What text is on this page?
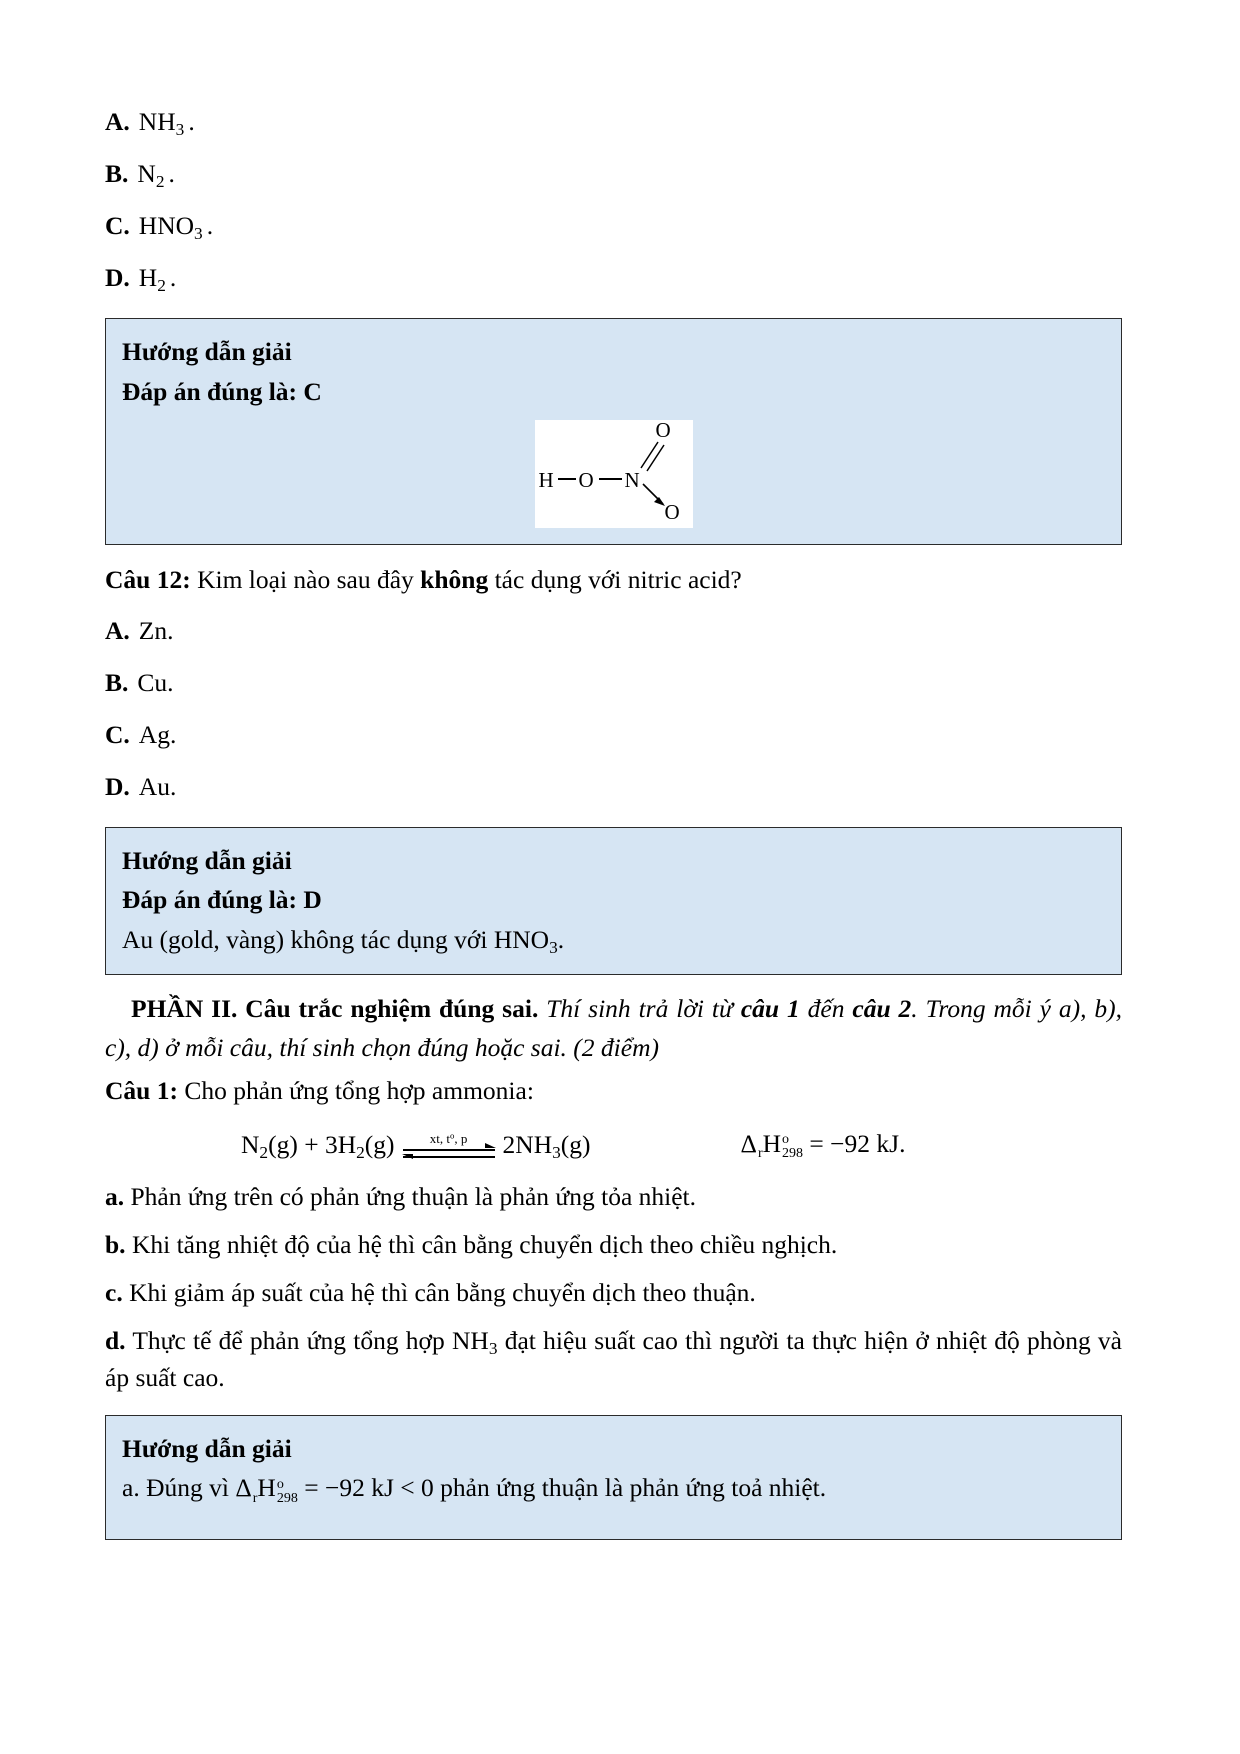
A. $NH_3$ .
B. $N_2$ .
C. $HNO_3$ .
D. $H_2$ .
Hướng dẫn giải
Đáp án đúng là: C
H O N
O
O
Câu 12: Kim loại nào sau đây không tác dụng với nitric acid?
A. Zn.
B. Cu.
C. Ag.
D. Au.
Hướng dẫn giải
Đáp án đúng là: D
Au (gold, vàng) không tác dụng với $HNO_3$.
PHẦN II. Câu trắc nghiệm đúng sai. Thí sinh trả lời từ câu 1 đến câu 2. Trong mỗi ý a), b), c), d) ở mỗi câu, thí sinh chọn đúng hoặc sai. (2 điểm)
Câu 1: Cho phản ứng tổng hợp ammonia:
$N_2(g) + 3H_2(g)$	xt, $t^o$, p $2NH_3(g)$	Δ
r H o
298 = −92 kJ.
a. Phản ứng trên có phản ứng thuận là phản ứng tỏa nhiệt.
b. Khi tăng nhiệt độ của hệ thì cân bằng chuyển dịch theo chiều nghịch.
c. Khi giảm áp suất của hệ thì cân bằng chuyển dịch theo thuận.
d. Thực tế để phản ứng tổng hợp $NH_3$ đạt hiệu suất cao thì người ta thực hiện ở nhiệt độ phòng và áp suất cao.
Hướng dẫn giải
a. Đúng vì Δ
r H o
298 = −92 kJ < 0 phản ứng thuận là phản ứng toả nhiệt.
